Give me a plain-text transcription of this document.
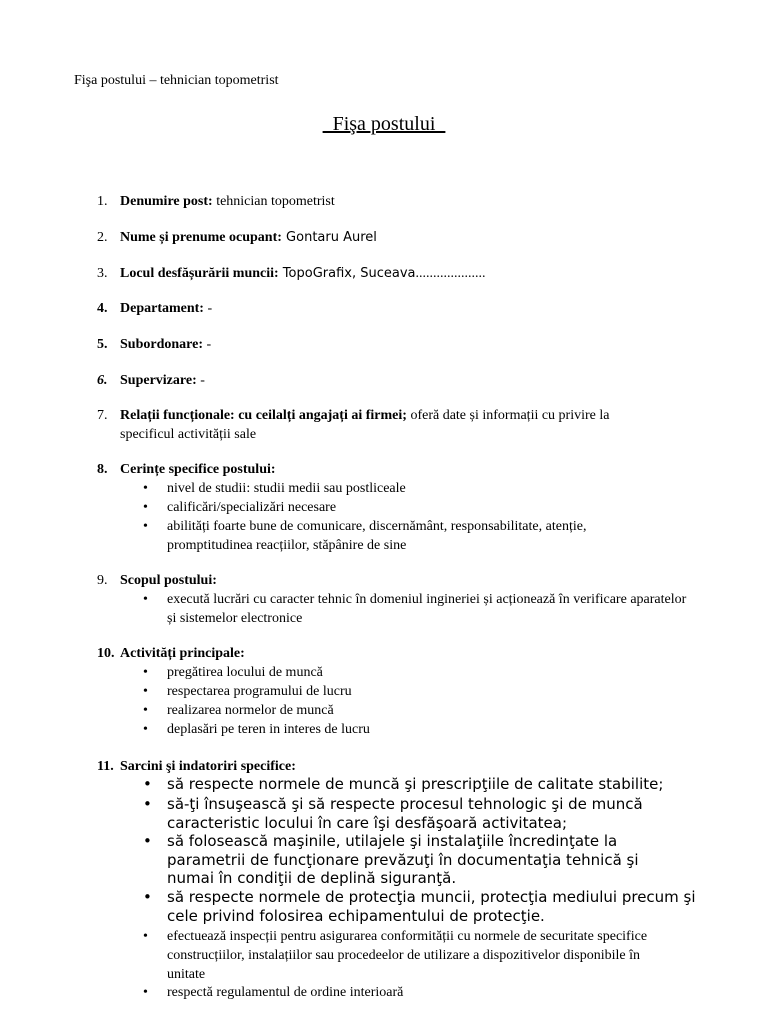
Fişa postului – tehnician topometrist
Fişa postului
1. Denumire post: tehnician topometrist
2. Nume și prenume ocupant: Gontaru Aurel
3. Locul desfășurării muncii: TopoGrafix, Suceava....................
4. Departament: -
5. Subordonare: -
6. Supervizare: -
7. Relații funcționale: cu ceilalți angajați ai firmei; oferă date și informații cu privire la specificul activității sale
8. Cerințe specifice postului:
• nivel de studii: studii medii sau postliceale
• calificări/specializări necesare
• abilități foarte bune de comunicare, discernământ, responsabilitate, atenție, promptitudinea reacțiilor, stăpânire de sine
9. Scopul postului:
• execută lucrări cu caracter tehnic în domeniul ingineriei și acționează în verificare aparatelor și sistemelor electronice
10. Activități principale:
• pregătirea locului de muncă
• respectarea programului de lucru
• realizarea normelor de muncă
• deplasări pe teren in interes de lucru
11. Sarcini şi indatoriri specifice:
• să respecte normele de muncă şi prescripţiile de calitate stabilite;
• să-ţi însuşească şi să respecte procesul tehnologic şi de muncă caracteristic locului în care îşi desfăşoară activitatea;
• să folosească maşinile, utilajele şi instalaţiile încredinţate la parametrii de funcţionare prevăzuţi în documentaţia tehnică şi numai în condiţii de deplină siguranţă.
• să respecte normele de protecţia muncii, protecţia mediului precum şi cele privind folosirea echipamentului de protecţie.
• efectuează inspecții pentru asigurarea conformității cu normele de securitate specifice construcțiilor, instalațiilor sau procedeelor de utilizare a dispozitivelor disponibile în unitate
• respectă regulamentul de ordine interioară
